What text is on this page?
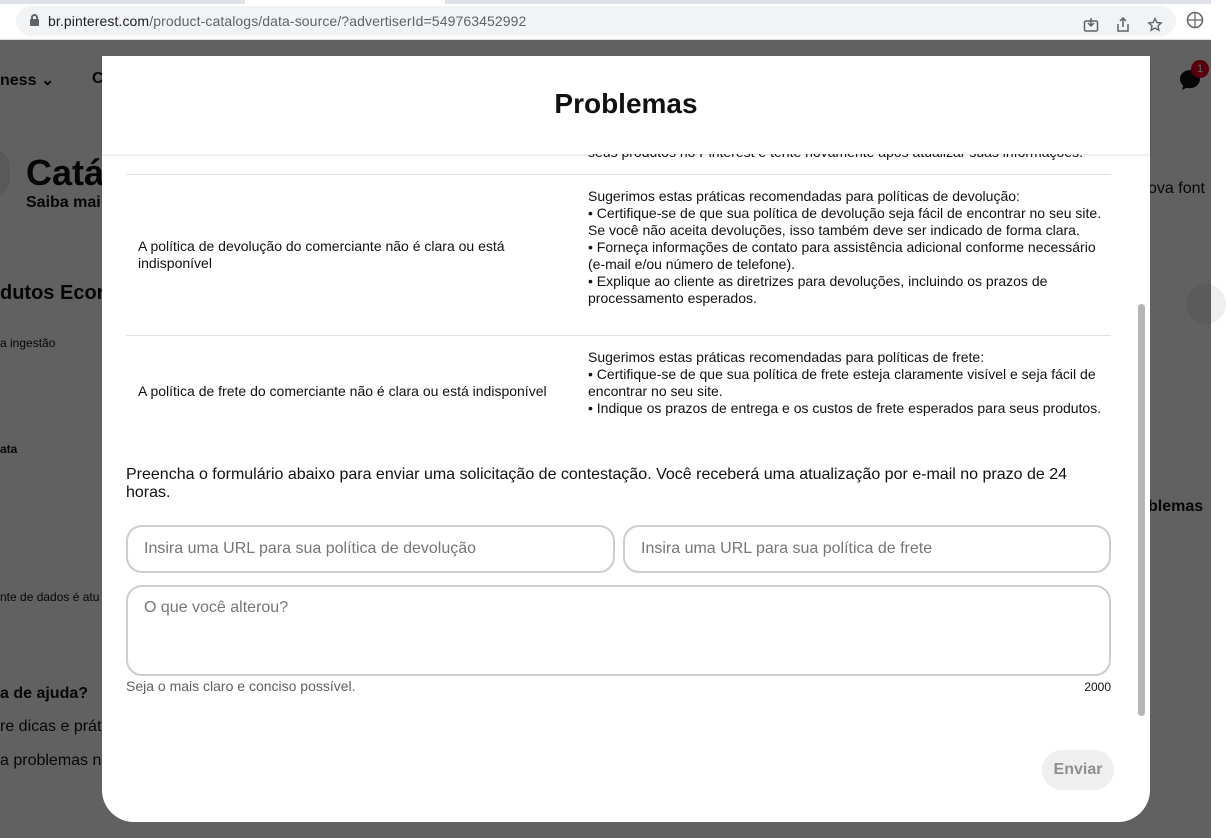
br.pinterest.com/product-catalogs/data-source/?advertiserId=549763452992
Problemas
A política de devolução do comerciante não é clara ou está indisponível
Sugerimos estas práticas recomendadas para políticas de devolução:
• Certifique-se de que sua política de devolução seja fácil de encontrar no seu site. Se você não aceita devoluções, isso também deve ser indicado de forma clara.
• Forneça informações de contato para assistência adicional conforme necessário (e-mail e/ou número de telefone).
• Explique ao cliente as diretrizes para devoluções, incluindo os prazos de processamento esperados.
A política de frete do comerciante não é clara ou está indisponível
Sugerimos estas práticas recomendadas para políticas de frete:
• Certifique-se de que sua política de frete esteja claramente visível e seja fácil de encontrar no seu site.
• Indique os prazos de entrega e os custos de frete esperados para seus produtos.
Preencha o formulário abaixo para enviar uma solicitação de contestação. Você receberá uma atualização por e-mail no prazo de 24 horas.
Insira uma URL para sua política de devolução
Insira uma URL para sua política de frete
O que você alterou?
Seja o mais claro e conciso possível.	2000
Enviar
